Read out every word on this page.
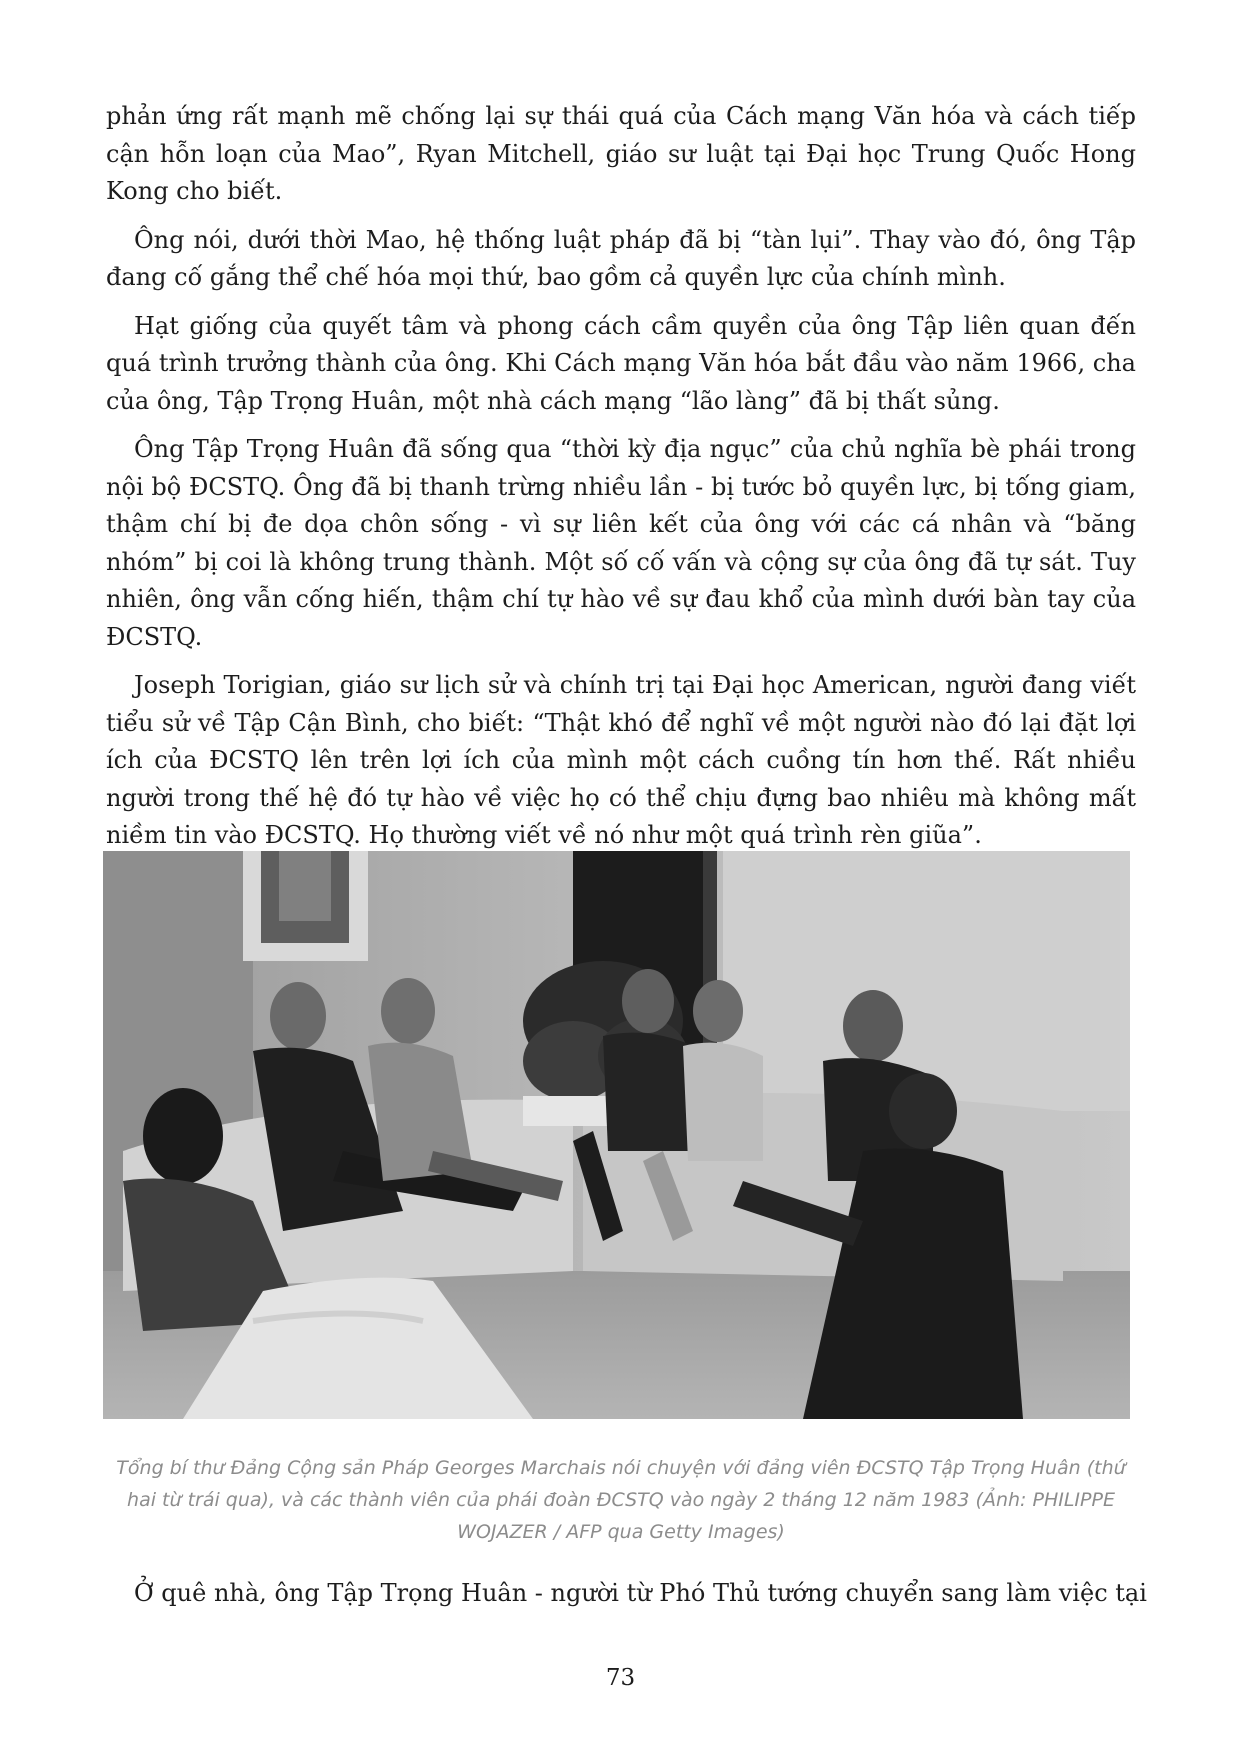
phản ứng rất mạnh mẽ chống lại sự thái quá của Cách mạng Văn hóa và cách tiếp cận hỗn loạn của Mao”, Ryan Mitchell, giáo sư luật tại Đại học Trung Quốc Hong Kong cho biết.

Ông nói, dưới thời Mao, hệ thống luật pháp đã bị “tàn lụi”. Thay vào đó, ông Tập đang cố gắng thể chế hóa mọi thứ, bao gồm cả quyền lực của chính mình.

Hạt giống của quyết tâm và phong cách cầm quyền của ông Tập liên quan đến quá trình trưởng thành của ông. Khi Cách mạng Văn hóa bắt đầu vào năm 1966, cha của ông, Tập Trọng Huân, một nhà cách mạng “lão làng” đã bị thất sủng.

Ông Tập Trọng Huân đã sống qua “thời kỳ địa ngục” của chủ nghĩa bè phái trong nội bộ ĐCSTQ. Ông đã bị thanh trừng nhiều lần - bị tước bỏ quyền lực, bị tống giam, thậm chí bị đe dọa chôn sống - vì sự liên kết của ông với các cá nhân và “băng nhóm” bị coi là không trung thành. Một số cố vấn và cộng sự của ông đã tự sát. Tuy nhiên, ông vẫn cống hiến, thậm chí tự hào về sự đau khổ của mình dưới bàn tay của ĐCSTQ.

Joseph Torigian, giáo sư lịch sử và chính trị tại Đại học American, người đang viết tiểu sử về Tập Cận Bình, cho biết: “Thật khó để nghĩ về một người nào đó lại đặt lợi ích của ĐCSTQ lên trên lợi ích của mình một cách cuồng tín hơn thế. Rất nhiều người trong thế hệ đó tự hào về việc họ có thể chịu đựng bao nhiêu mà không mất niềm tin vào ĐCSTQ. Họ thường viết về nó như một quá trình rèn giũa”.

Tổng bí thư Đảng Cộng sản Pháp Georges Marchais nói chuyện với đảng viên ĐCSTQ Tập Trọng Huân (thứ hai từ trái qua), và các thành viên của phái đoàn ĐCSTQ vào ngày 2 tháng 12 năm 1983 (Ảnh: PHILIPPE WOJAZER / AFP qua Getty Images)

Ở quê nhà, ông Tập Trọng Huân - người từ Phó Thủ tướng chuyển sang làm việc tại

73
